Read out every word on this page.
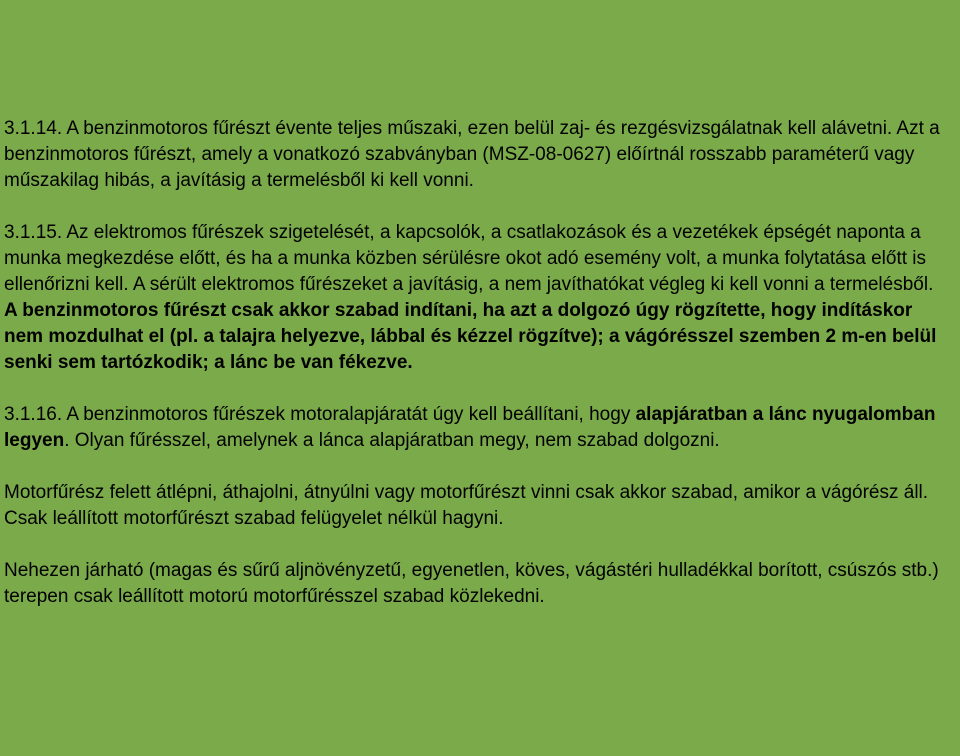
3.1.14. A benzinmotoros fűrészt évente teljes műszaki, ezen belül zaj- és rezgésvizsgálatnak kell alávetni. Azt a benzinmotoros fűrészt, amely a vonatkozó szabványban (MSZ-08-0627) előírtnál rosszabb paraméterű vagy műszakilag hibás, a javításig a termelésből ki kell vonni.

3.1.15. Az elektromos fűrészek szigetelését, a kapcsolók, a csatlakozások és a vezetékek épségét naponta a munka megkezdése előtt, és ha a munka közben sérülésre okot adó esemény volt, a munka folytatása előtt is ellenőrizni kell. A sérült elektromos fűrészeket a javításig, a nem javíthatókat végleg ki kell vonni a termelésből. A benzinmotoros fűrészt csak akkor szabad indítani, ha azt a dolgozó úgy rögzítette, hogy indításkor nem mozdulhat el (pl. a talajra helyezve, lábbal és kézzel rögzítve); a vágórésszel szemben 2 m-en belül senki sem tartózkodik; a lánc be van fékezve.

3.1.16. A benzinmotoros fűrészek motoralapjáratát úgy kell beállítani, hogy alapjáratban a lánc nyugalomban legyen. Olyan fűrésszel, amelynek a lánca alapjáratban megy, nem szabad dolgozni.

Motorfűrész felett átlépni, áthajolni, átnyúlni vagy motorfűrészt vinni csak akkor szabad, amikor a vágórész áll. Csak leállított motorfűrészt szabad felügyelet nélkül hagyni.

Nehezen járható (magas és sűrű aljnövényzetű, egyenetlen, köves, vágástéri hulladékkal borított, csúszós stb.) terepen csak leállított motorú motorfűrésszel szabad közlekedni.
